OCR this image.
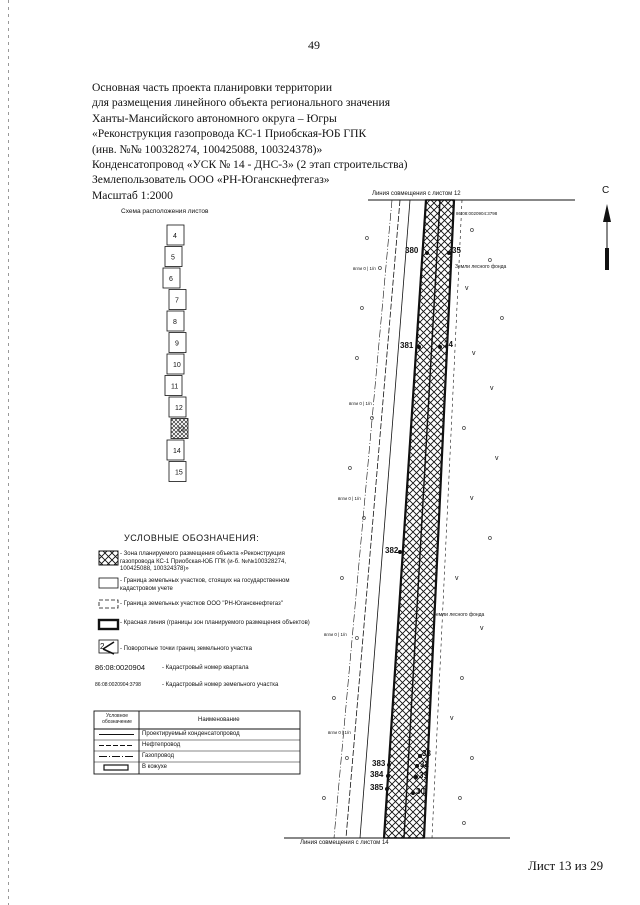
49
Основная часть проекта планировки территории
для размещения линейного объекта регионального значения
Ханты-Мансийского автономного округа – Югры
«Реконструкция газопровода КС-1 Приобская-ЮБ ГПК
(инв. №№ 100328274, 100425088, 100324378)»
Конденсатопровод «УСК № 14 - ДНС-3» (2 этап строительства)
Землепользователь ООО «РН-Юганскнефтегаз»
Масштаб 1:2000
Схема расположения листов
4
5
6
7
8
9
10
11
12
13
14
15
УСЛОВНЫЕ ОБОЗНАЧЕНИЯ:
2
- Зона планируемого размещения объекта «Реконструкция газопровода КС-1 Приобская-ЮБ ГПК (и-б. №№100328274, 100425088, 100324378)»
- Граница земельных участков, стоящих на государственном кадастровом учете
- Граница земельных участков ООО "РН-Юганскнефтегаз"
- Красная линия (границы зон планируемого размещения объектов)
- Поворотные точки границ земельного участка
86:08:0020904	- Кадастровый номер квартала
86:08:0020904:3798	- Кадастровый номер земельного участка
Условное обозначение	Наименование
Проектируемый конденсатопровод
Нефтепровод
Газопровод
В кожухе
o
о
v
o
v
v
o
v
v
o
v
v
o
v
o
o
o
o
o
o
o
o
o
o
o
o
o
o
o
вгли 0 | 1/п
вгли 0 | 1/п
вгли 0 | 1/п
вгли 0 | 1/п
вгли 0 | 1/п
Линия совмещения с листом 12
Линия совмещения с листом 14
С
Земли лесного фонда
Земли лесного фонда
86:08:0020904:3798
380
381
382
383
384
385
35
34
33
32
31
30
Лист 13 из 29
